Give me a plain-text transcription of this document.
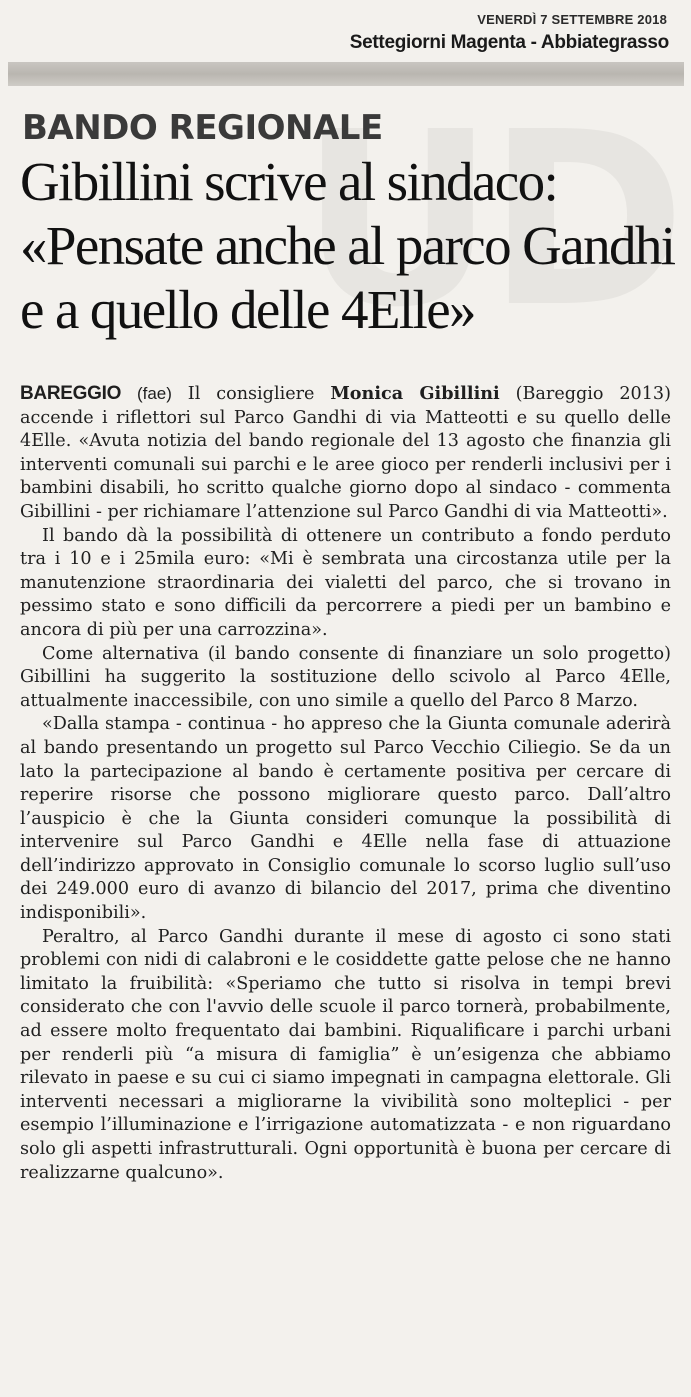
VENERDÌ 7 SETTEMBRE 2018
Settegiorni Magenta - Abbiategrasso
BANDO REGIONALE
Gibillini scrive al sindaco: «Pensate anche al parco Gandhi e a quello delle 4Elle»

BAREGGIO (fae) Il consigliere Monica Gibillini (Bareggio 2013) accende i riflettori sul Parco Gandhi di via Matteotti e su quello delle 4Elle. «Avuta notizia del bando regionale del 13 agosto che finanzia gli interventi comunali sui parchi e le aree gioco per renderli inclusivi per i bambini disabili, ho scritto qualche giorno dopo al sindaco - commenta Gibillini - per richiamare l’attenzione sul Parco Gandhi di via Matteotti».

Il bando dà la possibilità di ottenere un contributo a fondo perduto tra i 10 e i 25mila euro: «Mi è sembrata una circostanza utile per la manutenzione straordinaria dei vialetti del parco, che si trovano in pessimo stato e sono difficili da percorrere a piedi per un bambino e ancora di più per una carrozzina».

Come alternativa (il bando consente di finanziare un solo progetto) Gibillini ha suggerito la sostituzione dello scivolo al Parco 4Elle, attualmente inaccessibile, con uno simile a quello del Parco 8 Marzo.

«Dalla stampa - continua - ho appreso che la Giunta comunale aderirà al bando presentando un progetto sul Parco Vecchio Ciliegio. Se da un lato la partecipazione al bando è certamente positiva per cercare di reperire risorse che possono migliorare questo parco. Dall’altro l’auspicio è che la Giunta consideri comunque la possibilità di intervenire sul Parco Gandhi e 4Elle nella fase di attuazione dell’indirizzo approvato in Consiglio comunale lo scorso luglio sull’uso dei 249.000 euro di avanzo di bilancio del 2017, prima che diventino indisponibili».

Peraltro, al Parco Gandhi durante il mese di agosto ci sono stati problemi con nidi di calabroni e le cosiddette gatte pelose che ne hanno limitato la fruibilità: «Speriamo che tutto si risolva in tempi brevi considerato che con l'avvio delle scuole il parco tornerà, probabilmente, ad essere molto frequentato dai bambini. Riqualificare i parchi urbani per renderli più “a misura di famiglia” è un’esigenza che abbiamo rilevato in paese e su cui ci siamo impegnati in campagna elettorale. Gli interventi necessari a migliorarne la vivibilità sono molteplici - per esempio l’illuminazione e l’irrigazione automatizzata - e non riguardano solo gli aspetti infrastrutturali. Ogni opportunità è buona per cercare di realizzarne qualcuno».
